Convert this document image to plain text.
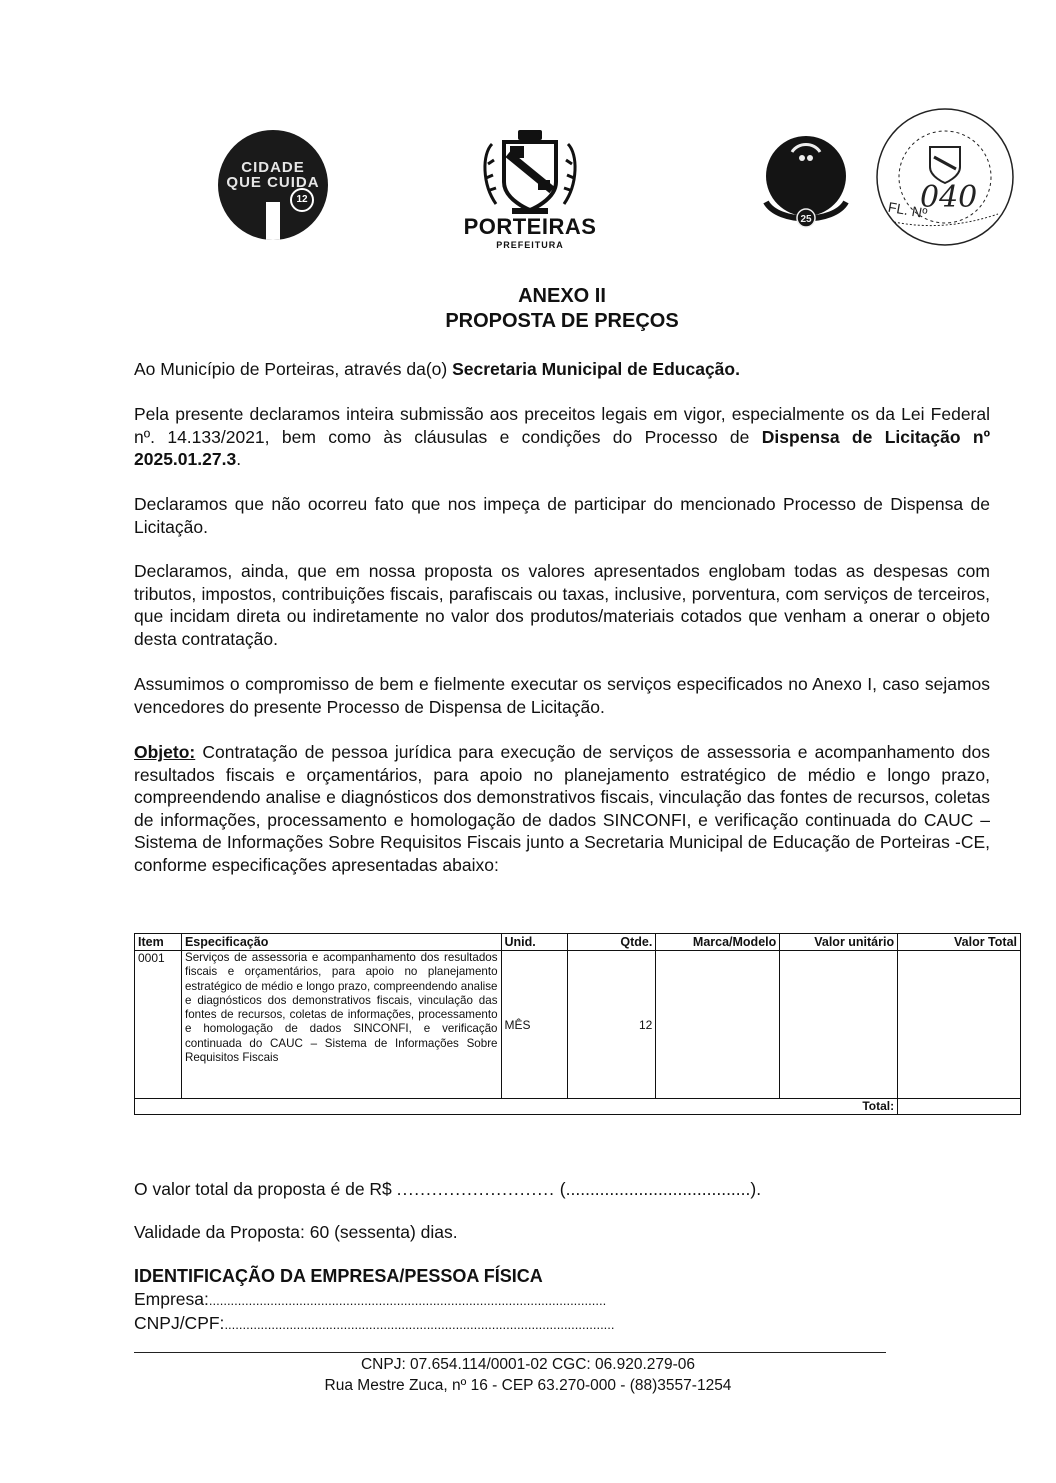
CIDADE
QUE CUIDA
12
PORTEIRAS
PREFEITURA
25
040
FL. Nº
ANEXO II
PROPOSTA DE PREÇOS
Ao Município de Porteiras, através da(o) Secretaria Municipal de Educação.
Pela presente declaramos inteira submissão aos preceitos legais em vigor, especialmente os da Lei Federal nº. 14.133/2021, bem como às cláusulas e condições do Processo de Dispensa de Licitação nº 2025.01.27.3.
Declaramos que não ocorreu fato que nos impeça de participar do mencionado Processo de Dispensa de Licitação.
Declaramos, ainda, que em nossa proposta os valores apresentados englobam todas as despesas com tributos, impostos, contribuições fiscais, parafiscais ou taxas, inclusive, porventura, com serviços de terceiros, que incidam direta ou indiretamente no valor dos produtos/materiais cotados que venham a onerar o objeto desta contratação.
Assumimos o compromisso de bem e fielmente executar os serviços especificados no Anexo I, caso sejamos vencedores do presente Processo de Dispensa de Licitação.
Objeto: Contratação de pessoa jurídica para execução de serviços de assessoria e acompanhamento dos resultados fiscais e orçamentários, para apoio no planejamento estratégico de médio e longo prazo, compreendendo analise e diagnósticos dos demonstrativos fiscais, vinculação das fontes de recursos, coletas de informações, processamento e homologação de dados SINCONFI, e verificação continuada do CAUC – Sistema de Informações Sobre Requisitos Fiscais junto a Secretaria Municipal de Educação de Porteiras -CE, conforme especificações apresentadas abaixo:
Item	Especificação	Unid.	Qtde.	Marca/Modelo	Valor unitário	Valor Total
0001	Serviços de assessoria e acompanhamento dos resultados fiscais e orçamentários, para apoio no planejamento estratégico de médio e longo prazo, compreendendo analise e diagnósticos dos demonstrativos fiscais, vinculação das fontes de recursos, coletas de informações, processamento e homologação de dados SINCONFI, e verificação continuada do CAUC – Sistema de Informações Sobre Requisitos Fiscais	MÊS	12			
Total:						
O valor total da proposta é de R$ ........................... (......................................).
Validade da Proposta: 60 (sessenta) dias.
IDENTIFICAÇÃO DA EMPRESA/PESSOA FÍSICA
Empresa:..............................................................................................................
CNPJ/CPF:............................................................................................................
CNPJ: 07.654.114/0001-02 CGC: 06.920.279-06
Rua Mestre Zuca, nº 16 - CEP 63.270-000 - (88)3557-1254
